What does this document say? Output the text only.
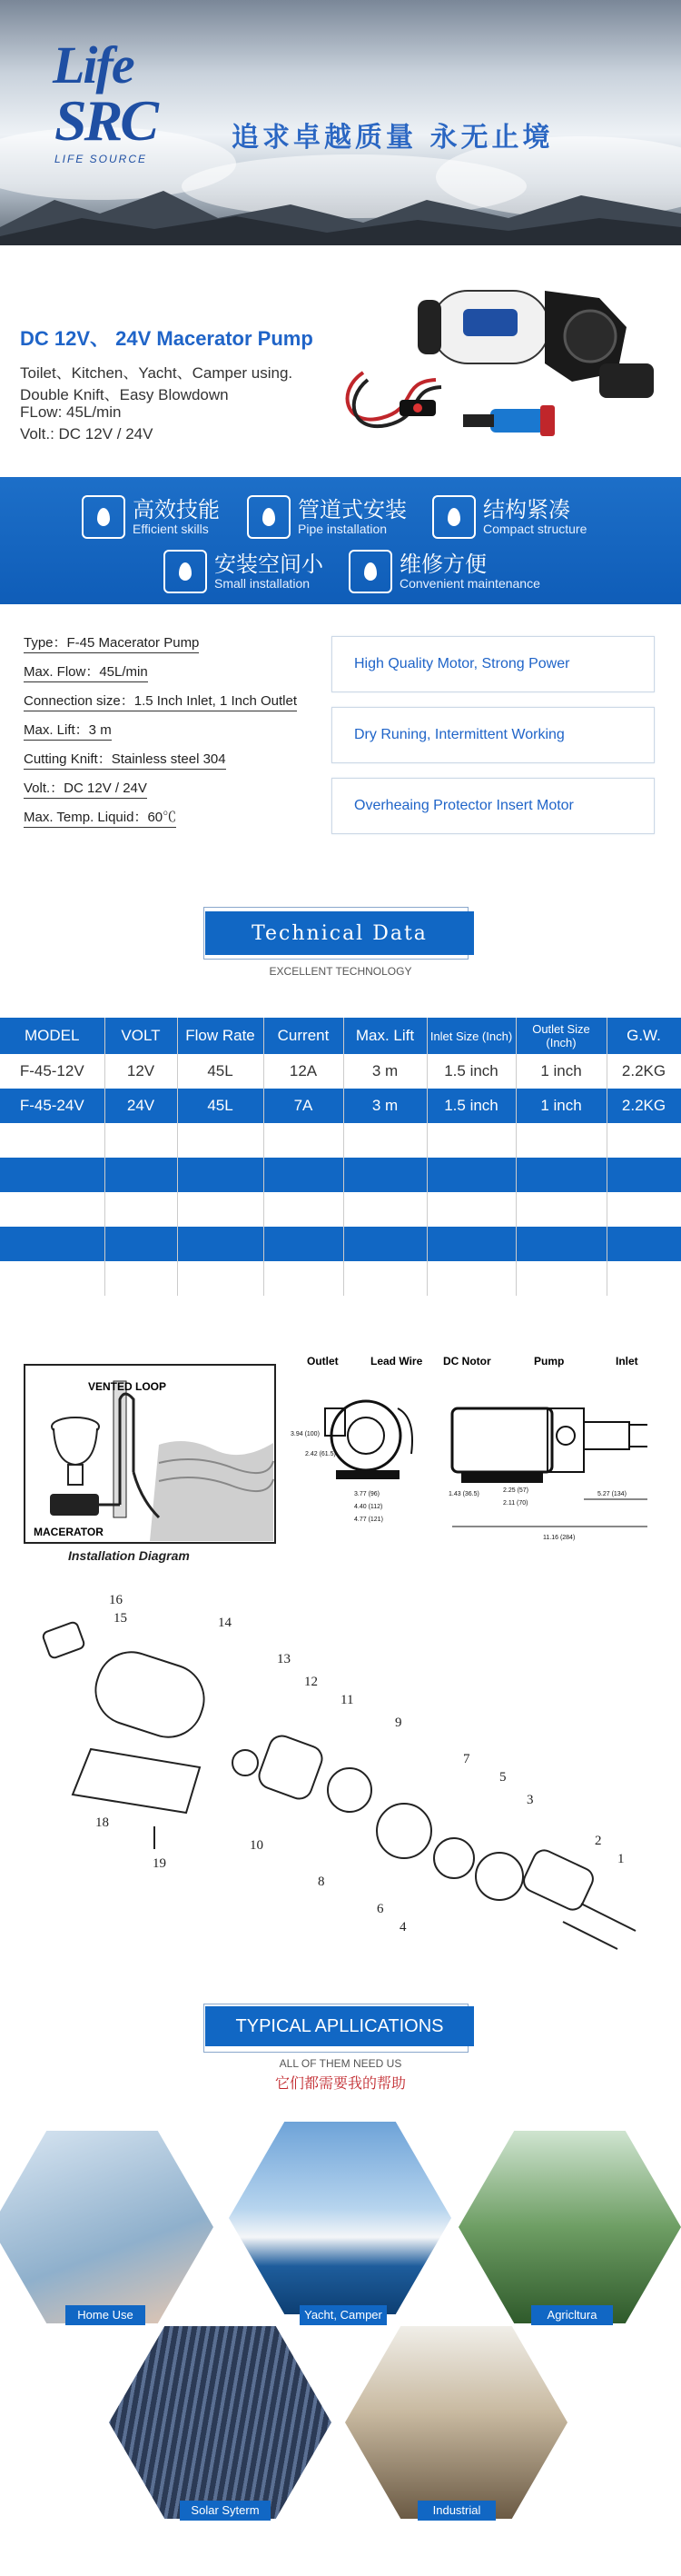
Life
SRC
LIFE SOURCE
追求卓越质量 永无止境
DC 12V、 24V Macerator Pump
Toilet、Kitchen、Yacht、Camper using.
Double Knift、Easy Blowdown
FLow: 45L/min
Volt.: DC 12V / 24V
高效技能
Efficient skills
管道式安装
Pipe installation
结构紧凑
Compact structure
安装空间小
Small installation
维修方便
Convenient maintenance
Type：F-45 Macerator Pump
Max. Flow：45L/min
Connection size：1.5 Inch Inlet, 1 Inch Outlet
Max. Lift：3 m
Cutting Knift：Stainless steel 304
Volt.：DC 12V / 24V
Max. Temp. Liquid：60℃
High Quality Motor, Strong Power
Dry Runing, Intermittent Working
Overheaing Protector Insert Motor
Technical Data
EXCELLENT TECHNOLOGY
MODEL	VOLT	Flow Rate	Current	Max. Lift	Inlet Size (Inch)	Outlet Size (Inch)	G.W.
F-45-12V	12V	45L	12A	3 m	1.5 inch	1 inch	2.2KG
F-45-24V	24V	45L	7A	3 m	1.5 inch	1 inch	2.2KG

VENTED LOOP
MACERATOR
Installation Diagram
Outlet	Lead Wire DC Notor	Pump	Inlet
3.94 (100)
2.42 (61.5)
3.77 (96)
4.40 (112)
4.77 (121)
1.43 (36.5)
2.25 (57)
2.11 (70)
5.27 (134)
11.16 (284)
16
15	14
13
12
11
10
9
8
7
6
5
4
3
2
1
18
19
TYPICAL APLLICATIONS
ALL OF THEM NEED US
它们都需要我的帮助
Home Use	Yacht, Camper	Agricltura
Solar Syterm	Industrial
